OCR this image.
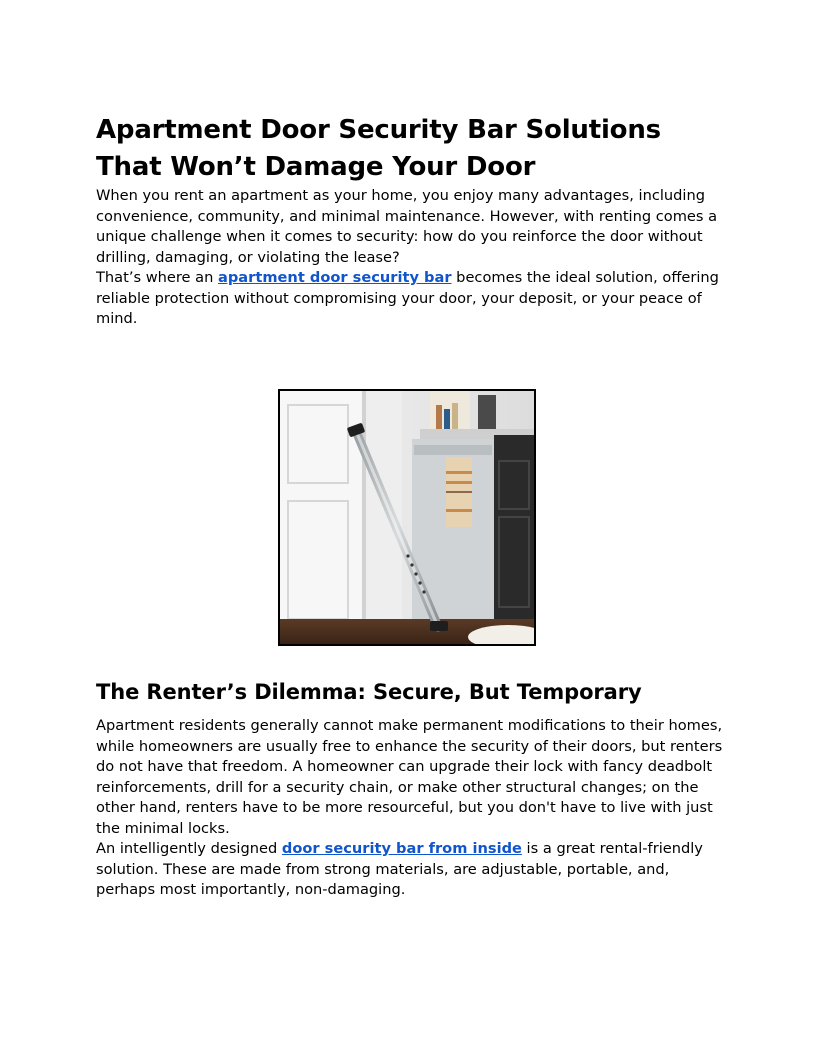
Apartment Door Security Bar Solutions
That Won’t Damage Your Door

When you rent an apartment as your home, you enjoy many advantages, including convenience, community, and minimal maintenance. However, with renting comes a unique challenge when it comes to security: how do you reinforce the door without drilling, damaging, or violating the lease?

That’s where an apartment door security bar becomes the ideal solution, offering reliable protection without compromising your door, your deposit, or your peace of mind.

The Renter’s Dilemma: Secure, But Temporary

Apartment residents generally cannot make permanent modifications to their homes, while homeowners are usually free to enhance the security of their doors, but renters do not have that freedom. A homeowner can upgrade their lock with fancy deadbolt reinforcements, drill for a security chain, or make other structural changes; on the other hand, renters have to be more resourceful, but you don't have to live with just the minimal locks.

An intelligently designed door security bar from inside is a great rental-friendly solution. These are made from strong materials, are adjustable, portable, and, perhaps most importantly, non-damaging.
